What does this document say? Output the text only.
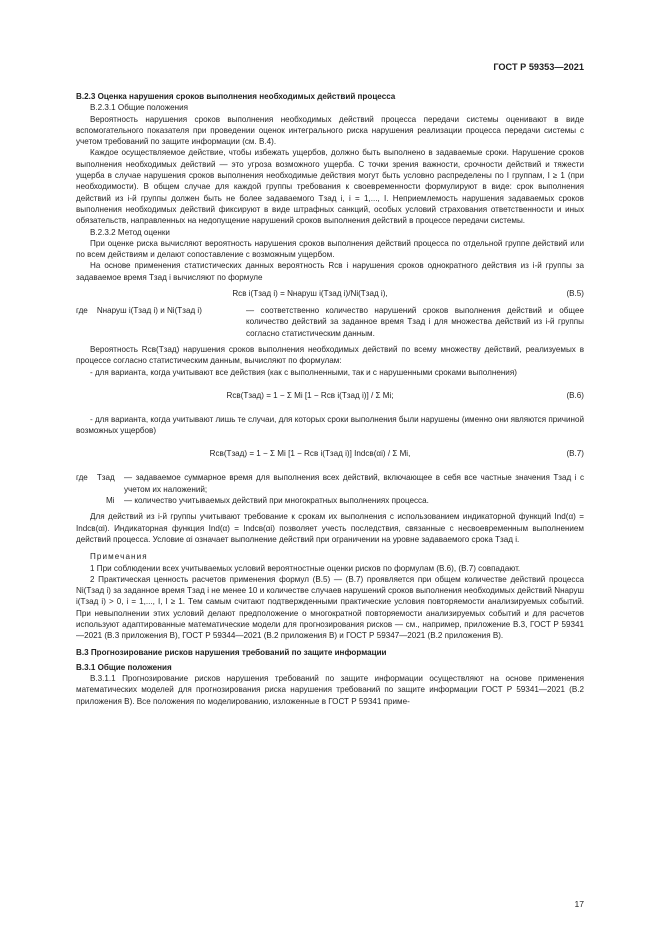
ГОСТ Р 59353—2021
В.2.3 Оценка нарушения сроков выполнения необходимых действий процесса

В.2.3.1 Общие положения

Вероятность нарушения сроков выполнения необходимых действий процесса передачи системы оценивают в виде вспомогательного показателя при проведении оценок интегрального риска нарушения реализации процесса передачи системы с учетом требований по защите информации (см. В.4).

Каждое осуществляемое действие, чтобы избежать ущербов, должно быть выполнено в задаваемые сроки. Нарушение сроков выполнения необходимых действий — это угроза возможного ущерба. С точки зрения важности, срочности действий и тяжести ущерба в случае нарушения сроков выполнения необходимые действия могут быть условно распределены по I группам, I ≥ 1 (при необходимости). В общем случае для каждой группы требования к своевременности формулируют в виде: срок выполнения действий из i-й группы должен быть не более задаваемого Tзад i, i = 1,..., I. Неприемлемость нарушения задаваемых сроков выполнения необходимых действий фиксируют в виде штрафных санкций, особых условий страхования ответственности и иных обязательств, направленных на недопущение нарушений сроков выполнения действий в процессе передачи системы.

В.2.3.2 Метод оценки

При оценке риска вычисляют вероятность нарушения сроков выполнения действий процесса по отдельной группе действий или по всем действиям и делают сопоставление с возможным ущербом.

На основе применения статистических данных вероятность Rсв i нарушения сроков однократного действия из i-й группы за задаваемое время Tзад i вычисляют по формуле

Rсв i(Tзад i) = Nнаруш i(Tзад i)/Ni(Tзад i),	(В.5)
где Nнаруш i(Tзад i) и Ni(Tзад i)	— соответственно количество нарушений сроков выполнения действий и общее количество действий за заданное время Tзад i для множества действий из i-й группы согласно статистическим данным.

Вероятность Rсв(Tзад) нарушения сроков выполнения необходимых действий по всему множеству действий, реализуемых в процессе согласно статистическим данным, вычисляют по формулам:

- для варианта, когда учитывают все действия (как с выполненными, так и с нарушенными сроками выполнения)

Rсв(Tзад) = 1 − Σ Mi [1 − Rсв i(Tзад i)] / Σ Mi;	(В.6)

- для варианта, когда учитывают лишь те случаи, для которых сроки выполнения были нарушены (именно они являются причиной возможных ущербов)

Rсв(Tзад) = 1 − Σ Mi [1 − Rсв i(Tзад i)] Indсв(αi) / Σ Mi,	(В.7)
где Tзад	— задаваемое суммарное время для выполнения всех действий, включающее в себя все частные значения Tзад i с учетом их наложений;

Mi	— количество учитываемых действий при многократных выполнениях процесса.

Для действий из i-й группы учитывают требование к срокам их выполнения с использованием индикаторной функций Ind(α) = Indсв(αi). Индикаторная функция Ind(α) = Indсв(αi) позволяет учесть последствия, связанные с несвоевременным выполнением действий процесса. Условие αi означает выполнение действий при ограничении на уровне задаваемого срока Tзад i.

Примечания

1 При соблюдении всех учитываемых условий вероятностные оценки рисков по формулам (В.6), (В.7) совпадают.

2 Практическая ценность расчетов применения формул (В.5) — (В.7) проявляется при общем количестве действий процесса Ni(Tзад i) за заданное время Tзад i не менее 10 и количестве случаев нарушений сроков выполнения необходимых действий Nнаруш i(Tзад i) > 0, i = 1,..., I, I ≥ 1. Тем самым считают подтвержденными практические условия повторяемости анализируемых событий. При невыполнении этих условий делают предположение о многократной повторяемости анализируемых событий и для расчетов используют адаптированные математические модели для прогнозирования рисков — см., например, приложение В.3, ГОСТ Р 59341—2021 (В.3 приложения В), ГОСТ Р 59344—2021 (В.2 приложения В) и ГОСТ Р 59347—2021 (В.2 приложения В).

В.3 Прогнозирование рисков нарушения требований по защите информации
В.3.1 Общие положения

В.3.1.1 Прогнозирование рисков нарушения требований по защите информации осуществляют на основе применения математических моделей для прогнозирования риска нарушения требований по защите информации ГОСТ Р 59341—2021 (В.2 приложения В). Все положения по моделированию, изложенные в ГОСТ Р 59341 приме-

17
